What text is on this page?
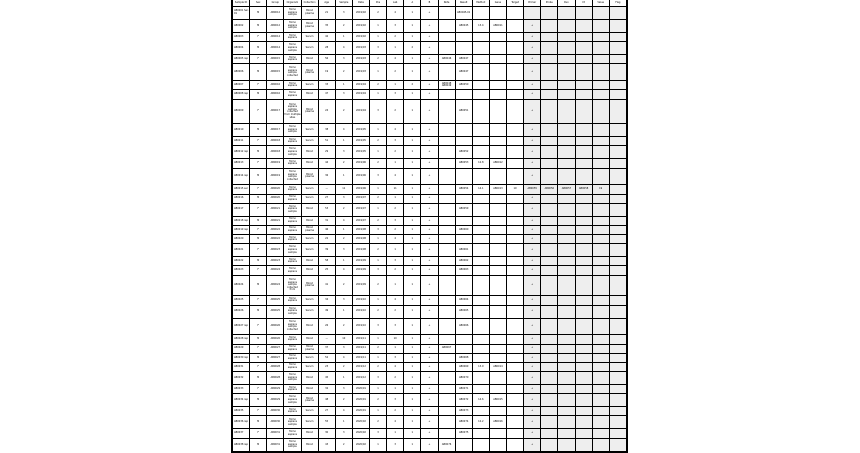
Sample ID	Sex	Group	Organism	Collection	Age	Sample	Date	Pos	Lab	A	B	Note	Result	Method	Gene	Target	Primer	Probe	Run	Ct	Value	Flag
AB0001 Ser. 01	M	AB0012	Homo sapiens sample	Blood plasma	21	3	2019/02	2	4	1	+		AB0045-01									
AB0002	M	AB0012	Homo sapiens sample	Blood plasma	35	2	2019/02	1	3	1	+		AB0045	13.4	AB0011		+					
AB0003	F	AB0014	Homo sapiens	Serum	42	1	2019/02	1	2	1	+						+					
AB0004	M	AB0014	Homo sapiens sample	Serum	28	4	2019/03	3	1	2	+						+					
AB0005 rep	F	AB0015	Homo sapiens	Blood	56	3	2019/03	2	4	1	+	AB0046	AB0047				+					
AB0006	M	AB0015	Homo sapiens sample collected	Blood plasma	19	2	2019/03	1	2	1	+		AB0047				+					
AB0007	F	AB0016	Homo sapiens	Serum	33	1	2019/04	2	1	2	+	AB0048 AB0049	AB0050				+					
AB0008 rep	M	AB0016	Homo sapiens	Blood	47	3	2019/04	1	3	1	+						+					
AB0009	F	AB0017	Homo sapiens sample collected from multiple sites	Blood plasma	24	2	2019/04	3	2	1	+		AB0051				+					
AB0010	M	AB0017	Homo sapiens sample	Serum	38	4	2019/05	1	4	1	+						+					
AB0011	F	AB0018	Homo sapiens	Serum	51	1	2019/05	2	3	1	+						+					
AB0012 rep	M	AB0018	Homo sapiens sample	Blood	29	3	2019/05	1	2	1	+		AB0052				+					
AB0013	F	AB0019	Homo sapiens	Blood	44	2	2019/06	2	1	1	+		AB0053	12.8	AB0012		+					
AB0014 rep	M	AB0019	Homo sapiens sample collected	Blood plasma	36	1	2019/06	3	4	1	+						+					
AB0015 ser	F	AB0020	Homo sapiens	Serum	—	11	2019/06	1	11	1	+		AB0054	14.1	AB0013	19	AB0055	AB0056	AB0057	AB0058	19	
AB0016	M	AB0020	Homo sapiens	Serum	27	3	2019/07	2	1	1	+						+					
AB0017	F	AB0021	Homo sapiens sample	Blood	53	2	2019/07	1	2	1	+		AB0059				+					
AB0018 rep	M	AB0021	Homo sapiens	Blood	31	4	2019/07	2	3	1	+						+					
AB0019 rep	F	AB0022	Homo sapiens	Blood plasma	46	1	2019/08	3	2	1	+		AB0060				+					
AB0020	M	AB0022	Homo sapiens	Serum	22	2	2019/08	1	4	1	+						+					
AB0021	F	AB0023	Homo sapiens sample	Serum	39	3	2019/08	2	1	1	+		AB0061				+					
AB0022	M	AB0023	Homo sapiens	Blood	58	1	2019/09	1	3	1	+		AB0062				+					
AB0023	F	AB0024	Homo sapiens	Blood	25	4	2019/09	3	2	1	+		AB0063				+					
AB0024	M	AB0024	Homo sapiens sample collected from	Blood plasma	41	2	2019/09	2	1	1	+						+					
AB0025	F	AB0025	Homo sapiens	Serum	34	3	2019/10	1	4	1	+		AB0064				+					
AB0026	M	AB0025	Homo sapiens sample	Serum	49	1	2019/10	2	2	1	+		AB0065				+					
AB0027 rep	F	AB0026	Homo sapiens sample collected	Blood	26	2	2019/10	3	3	1	+		AB0066				+					
AB0028 rep	M	AB0026	Homo sapiens	Blood	—	10	2019/11	1	10	1	+						+					
AB0029	F	AB0027	Homo sapiens	Blood plasma	37	3	2019/11	2	1	1	+	AB0067					+					
AB0030 rep	M	AB0027	Homo sapiens	Serum	52	4	2019/11	1	3	1	+		AB0068				+					
AB0031	F	AB0028	Homo sapiens	Serum	23	2	2019/12	2	4	1	+		AB0069	13.9	AB0014		+					
AB0032	M	AB0028	Homo sapiens sample	Blood	45	1	2019/12	3	2	1	+		AB0070				+					
AB0033	F	AB0029	Homo sapiens	Blood	32	3	2020/01	1	1	1	+		AB0071				+					
AB0034 rep	M	AB0029	Homo sapiens sample	Blood plasma	48	2	2020/01	2	3	1	+		AB0072	14.6	AB0015		+					
AB0035	F	AB0030	Homo sapiens	Serum	27	4	2020/01	1	2	1	+		AB0073				+					
AB0036 rep	M	AB0030	Homo sapiens sample	Serum	55	1	2020/02	2	4	1	+		AB0074	12.2	AB0016		+					
AB0037	F	AB0031	Homo sapiens	Blood	30	3	2020/02	3	1	1	+		AB0075				+					
AB0038 rep	M	AB0031	Homo sapiens sample	Blood	43	2	2020/02	1	3	1	+	AB0076					+					
